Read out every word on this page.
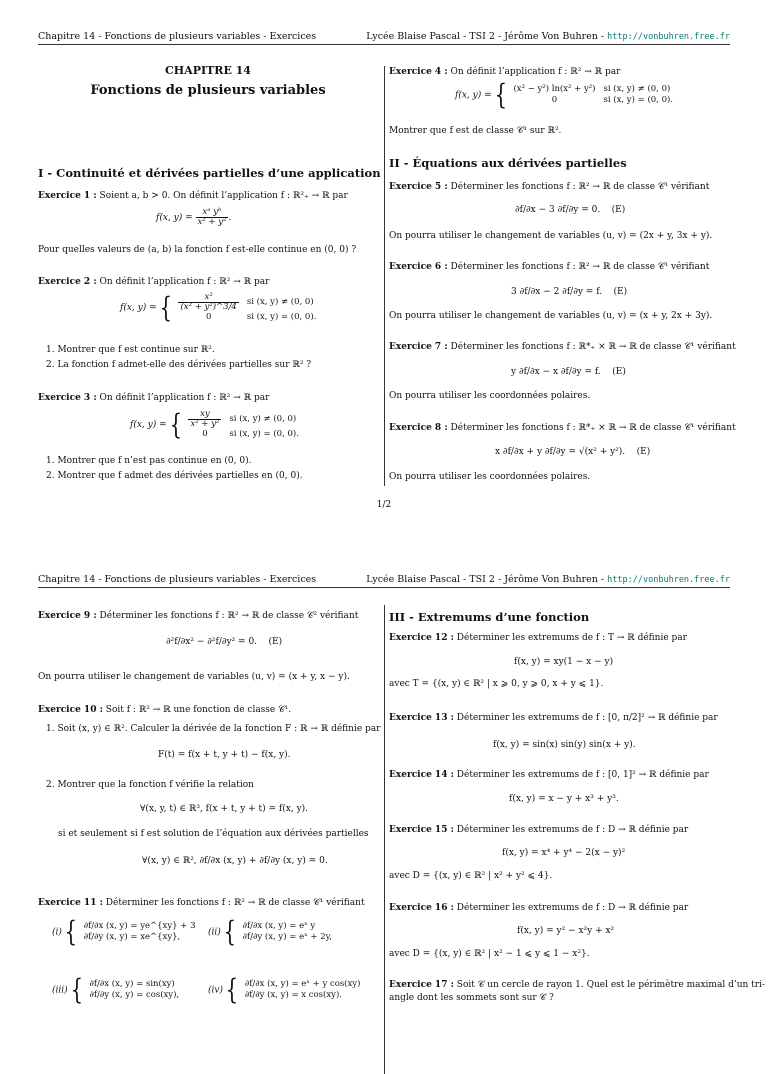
Chapitre 14 - Fonctions de plusieurs variables - Exercices	Lycée Blaise Pascal - TSI 2 - Jérôme Von Buhren - http://vonbuhren.free.fr
CHAPITRE 14
Fonctions de plusieurs variables
I - Continuité et dérivées partielles d’une application
Exercice 1 : Soient a, b > 0. On définit l’application f : ℝ²₊ → ℝ par
f(x, $y) = \frac{\text{xᵃ yᵇ}}{\text{x² + y²}}$ .
Pour quelles valeurs de (a, b) la fonction f est-elle continue en (0, 0) ?
Exercice 2 : On définit l’application f : ℝ² → ℝ par
f(x, y) ={ $\frac{\text{x²}}{\text{(x² + y²)\textasciicircum{}3/4}}$	si (x, y) ≠ (0, 0)
0	si (x, y) = (0, 0).
1. Montrer que f est continue sur ℝ².
2. La fonction f admet-elle des dérivées partielles sur ℝ² ?
Exercice 3 : On définit l’application f : ℝ² → ℝ par
f(x, y) ={ $\frac{xy}{\text{x² + y²}}$	si (x, y) ≠ (0, 0)
0	si (x, y) = (0, 0).
1. Montrer que f n’est pas continue en (0, 0).
2. Montrer que f admet des dérivées partielles en (0, 0).
Exercice 4 : On définit l’application f : ℝ² → ℝ par
f(x, y) ={ (x² − y²) ln(x² + y²)	si (x, y) ≠ (0, 0)
0	si (x, y) = (0, 0).
Montrer que f est de classe 𝒞¹ sur ℝ².
II - Équations aux dérivées partielles
Exercice 5 : Déterminer les fonctions f : ℝ² → ℝ de classe 𝒞¹ vérifiant
∂f/∂x − 3 ∂f/∂y = 0. (E)
On pourra utiliser le changement de variables (u, v) = (2x + y, 3x + y).
Exercice 6 : Déterminer les fonctions f : ℝ² → ℝ de classe 𝒞¹ vérifiant
3 ∂f/∂x − 2 ∂f/∂y = f. (E)
On pourra utiliser le changement de variables (u, v) = (x + y, 2x + 3y).
Exercice 7 : Déterminer les fonctions f : ℝ*₊ × ℝ → ℝ de classe 𝒞¹ vérifiant
y ∂f/∂x − x ∂f/∂y = f. (E)
On pourra utiliser les coordonnées polaires.
Exercice 8 : Déterminer les fonctions f : ℝ*₊ × ℝ → ℝ de classe 𝒞¹ vérifiant
x ∂f/∂x + y ∂f/∂y = √(x² + y²). (E)
On pourra utiliser les coordonnées polaires.
1/2
Chapitre 14 - Fonctions de plusieurs variables - Exercices	Lycée Blaise Pascal - TSI 2 - Jérôme Von Buhren - http://vonbuhren.free.fr
Exercice 9 : Déterminer les fonctions f : ℝ² → ℝ de classe 𝒞² vérifiant
∂²f/∂x² − ∂²f/∂y² = 0. (E)
On pourra utiliser le changement de variables (u, v) = (x + y, x − y).
Exercice 10 : Soit f : ℝ² → ℝ une fonction de classe 𝒞¹.
1. Soit (x, y) ∈ ℝ². Calculer la dérivée de la fonction F : ℝ → ℝ définie par
F(t) = f(x + t, y + t) − f(x, y).
2. Montrer que la fonction f vérifie la relation
∀(x, y, t) ∈ ℝ³, f(x + t, y + t) = f(x, y).
si et seulement si f est solution de l’équation aux dérivées partielles
∀(x, y) ∈ ℝ², ∂f/∂x (x, y) + ∂f/∂y (x, y) = 0.
Exercice 11 : Déterminer les fonctions f : ℝ² → ℝ de classe 𝒞¹ vérifiant
(i){ ∂f/∂x (x, y) = ye^{xy} + 3
∂f/∂y (x, y) = xe^{xy},	(ii){ ∂f/∂x (x, y) = eˣ y
∂f/∂y (x, y) = eˣ + 2y,
(iii){ ∂f/∂x (x, y) = sin(xy)
∂f/∂y (x, y) = cos(xy),	(iv){ ∂f/∂x (x, y) = eˣ + y cos(xy)
∂f/∂y (x, y) = x cos(xy).
III - Extremums d’une fonction
Exercice 12 : Déterminer les extremums de f : T → ℝ définie par
f(x, y) = xy(1 − x − y)
avec T = {(x, y) ∈ ℝ² | x ⩾ 0, y ⩾ 0, x + y ⩽ 1}.
Exercice 13 : Déterminer les extremums de f : [0, π/2]² → ℝ définie par
f(x, y) = sin(x) sin(y) sin(x + y).
Exercice 14 : Déterminer les extremums de f : [0, 1]² → ℝ définie par
f(x, y) = x − y + x³ + y³.
Exercice 15 : Déterminer les extremums de f : D → ℝ définie par
f(x, y) = x⁴ + y⁴ − 2(x − y)²
avec D = {(x, y) ∈ ℝ² | x² + y² ⩽ 4}.
Exercice 16 : Déterminer les extremums de f : D → ℝ définie par
f(x, y) = y² − x²y + x²
avec D = {(x, y) ∈ ℝ² | x² − 1 ⩽ y ⩽ 1 − x²}.
Exercice 17 : Soit 𝒞 un cercle de rayon 1. Quel est le périmètre maximal d’un tri-
angle dont les sommets sont sur 𝒞 ?
